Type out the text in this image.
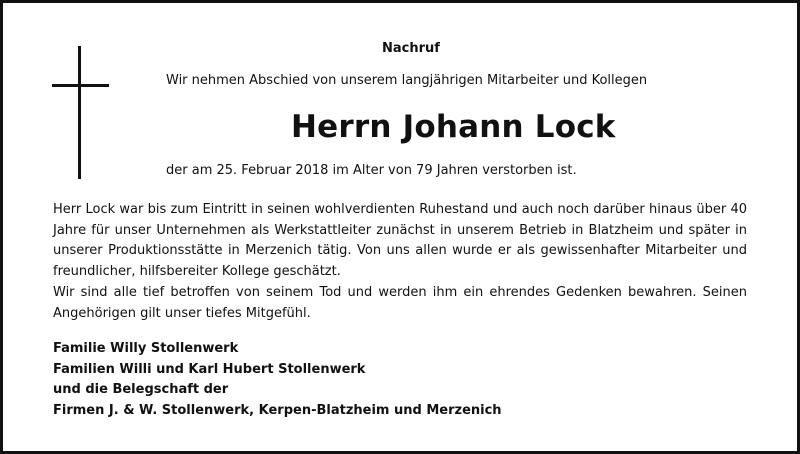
Nachruf
Wir nehmen Abschied von unserem langjährigen Mitarbeiter und Kollegen
Herrn Johann Lock
der am 25. Februar 2018 im Alter von 79 Jahren verstorben ist.

Herr Lock war bis zum Eintritt in seinen wohlverdienten Ruhestand und auch noch darüber hinaus über 40 Jahre für unser Unternehmen als Werkstattleiter zunächst in unserem Betrieb in Blatzheim und später in unserer Produktionsstätte in Merzenich tätig. Von uns allen wurde er als gewissenhafter Mitarbeiter und freundlicher, hilfsbereiter Kollege geschätzt.

Wir sind alle tief betroffen von seinem Tod und werden ihm ein ehrendes Gedenken bewahren. Seinen Angehörigen gilt unser tiefes Mitgefühl.

Familie Willy Stollenwerk
Familien Willi und Karl Hubert Stollenwerk
und die Belegschaft der
Firmen J. & W. Stollenwerk, Kerpen-Blatzheim und Merzenich
